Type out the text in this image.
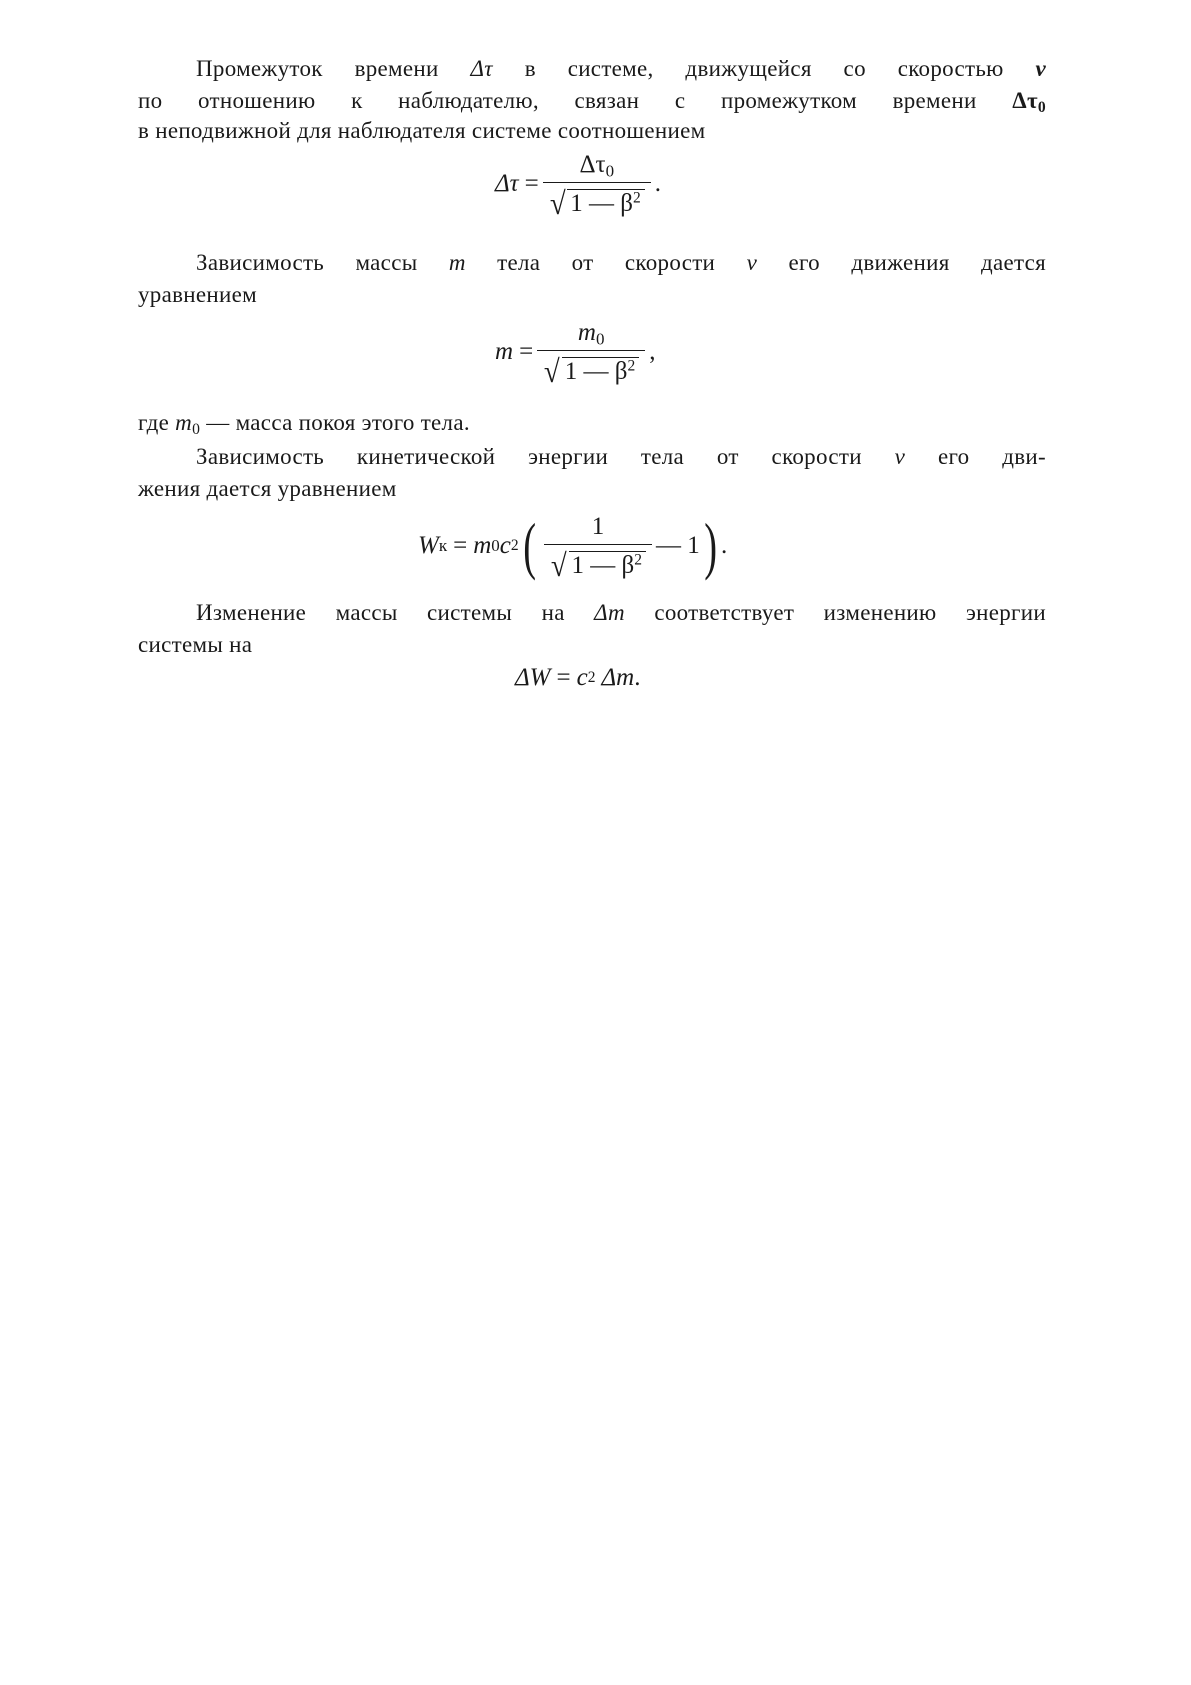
Промежуток времени Δτ в системе, движущейся со скоростью v
по отношению к наблюдателю, связан с промежутком времени $\Delta\tau_0$
в неподвижной для наблюдателя системе соотношением
$\Delta\tau = \frac{\Delta\tau_0}{√ 1 — \beta^2}$ .
Зависимость массы m тела от скорости v его движения дается
уравнением
$m = \frac{m_0}{√ 1 — \beta^2}$ ,
где $m_0$ — масса покоя этого тела.
Зависимость кинетической энергии тела от скорости v его дви-
жения дается уравнением
W к = m 0 c 2 ( $\frac{1}{√ 1 — \beta^2}$ — 1 ) .
Изменение массы системы на Δm соответствует изменению энергии
системы на
ΔW = c 2 Δm .
